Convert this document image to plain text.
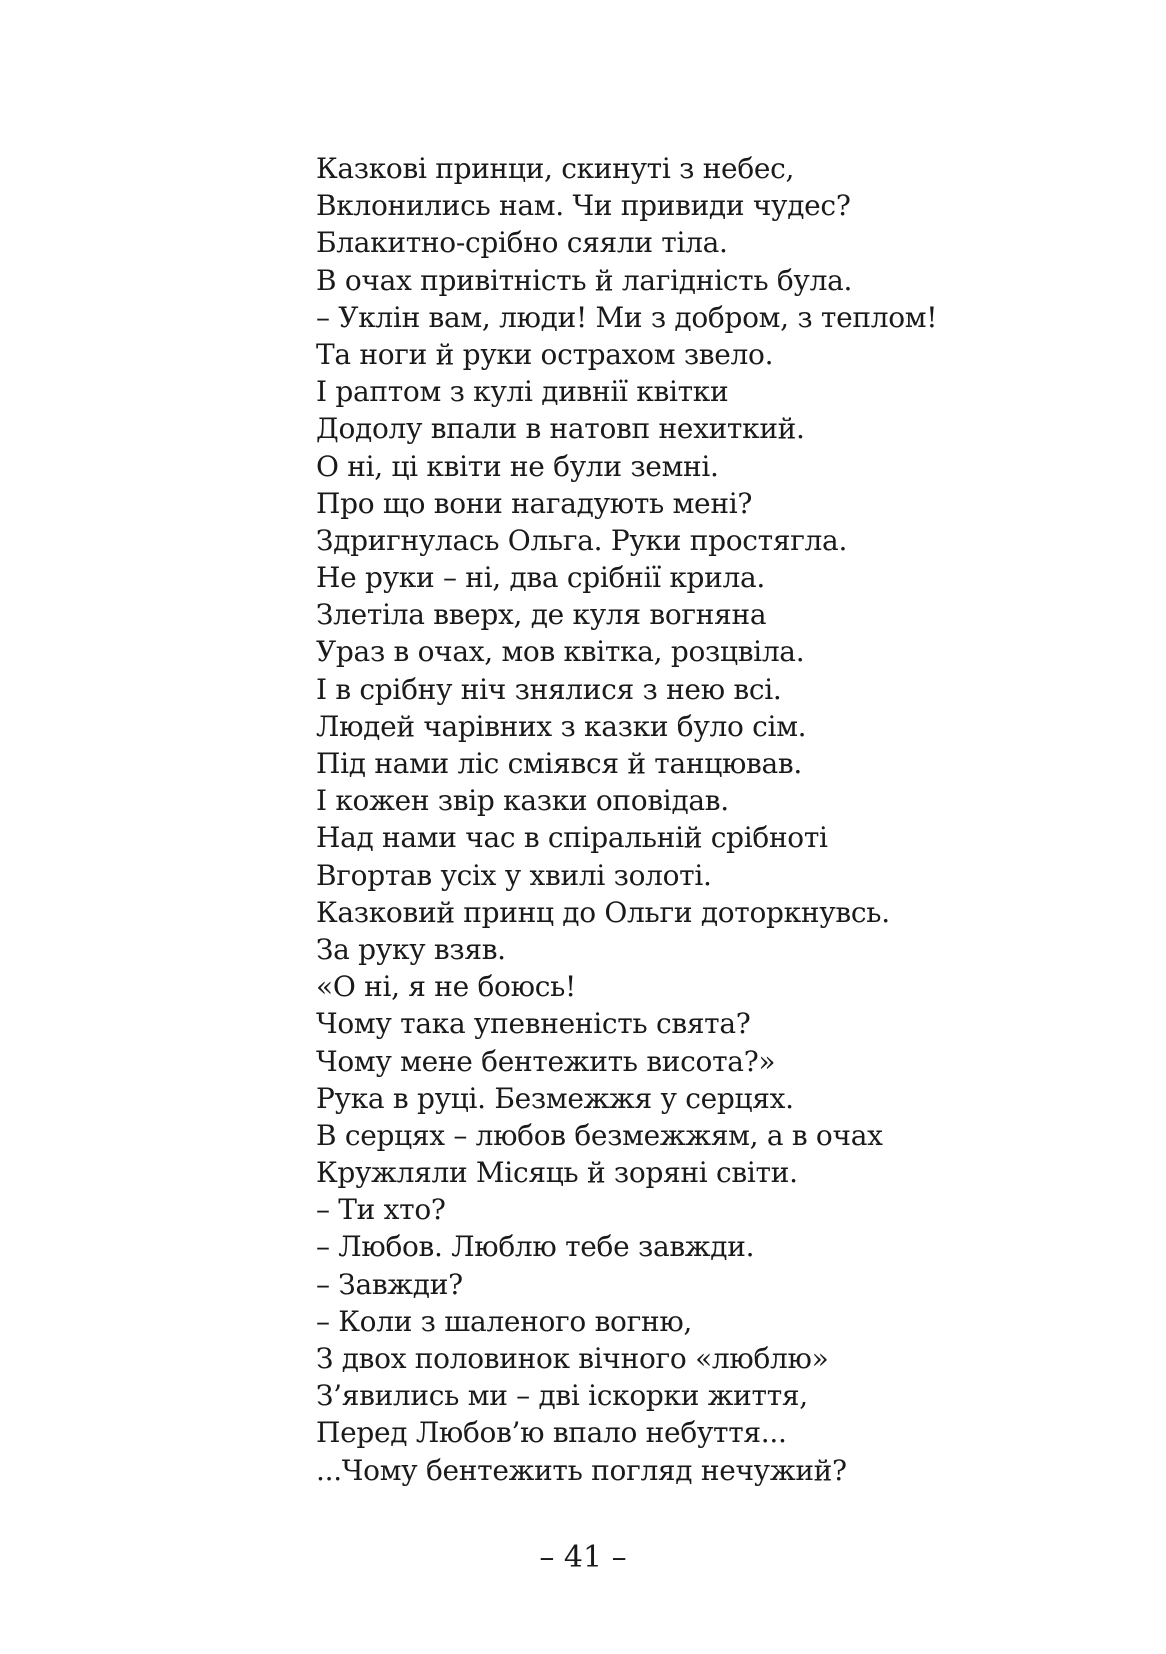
Казкові принци, скинуті з небес,
Вклонились нам. Чи привиди чудес?
Блакитно-срібно сяяли тіла.
В очах привітність й лагідність була.
– Уклін вам, люди! Ми з добром, з теплом!
Та ноги й руки острахом звело.
І раптом з кулі дивнії квітки
Додолу впали в натовп нехиткий.
О ні, ці квіти не були земні.
Про що вони нагадують мені?
Здригнулась Ольга. Руки простягла.
Не руки – ні, два срібнії крила.
Злетіла вверх, де куля вогняна
Ураз в очах, мов квітка, розцвіла.
І в срібну ніч знялися з нею всі.
Людей чарівних з казки було сім.
Під нами ліс сміявся й танцював.
І кожен звір казки оповідав.
Над нами час в спіральній срібноті
Вгортав усіх у хвилі золоті.
Казковий принц до Ольги доторкнувсь.
За руку взяв.
«О ні, я не боюсь!
Чому така упевненість свята?
Чому мене бентежить висота?»
Рука в руці. Безмежжя у серцях.
В серцях – любов безмежжям, а в очах
Кружляли Місяць й зоряні світи.
– Ти хто?
– Любов. Люблю тебе завжди.
– Завжди?
– Коли з шаленого вогню,
З двох половинок вічного «люблю»
З’явились ми – дві іскорки життя,
Перед Любов’ю впало небуття...
...Чому бентежить погляд нечужий?
– 41 –
